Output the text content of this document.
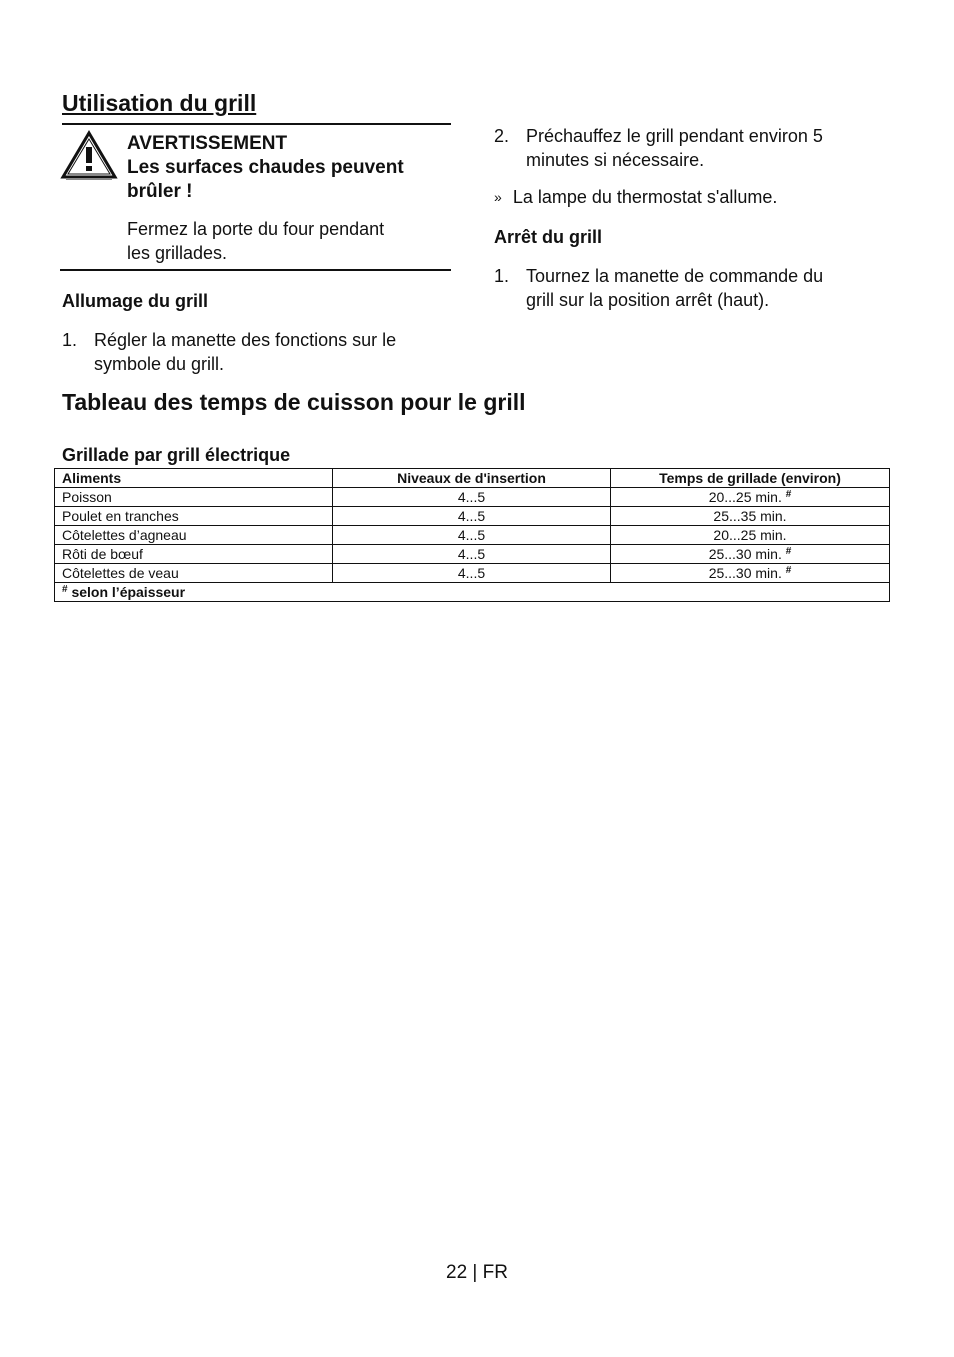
Utilisation du grill
AVERTISSEMENT
Les surfaces chaudes peuvent
brûler !
Fermez la porte du four pendant
les grillades.
Allumage du grill
1. Régler la manette des fonctions sur le
symbole du grill.
2. Préchauffez le grill pendant environ 5
minutes si nécessaire.
» La lampe du thermostat s'allume.
Arrêt du grill
1. Tournez la manette de commande du
grill sur la position arrêt (haut).
Tableau des temps de cuisson pour le grill
Grillade par grill électrique
Aliments	Niveaux de d'insertion	Temps de grillade (environ)
Poisson	4...5	20...25 min. #
Poulet en tranches	4...5	25...35 min.
Côtelettes d’agneau	4...5	20...25 min.
Rôti de bœuf	4...5	25...30 min. #
Côtelettes de veau	4...5	25...30 min. #
# selon l’épaisseur		
22 | FR
